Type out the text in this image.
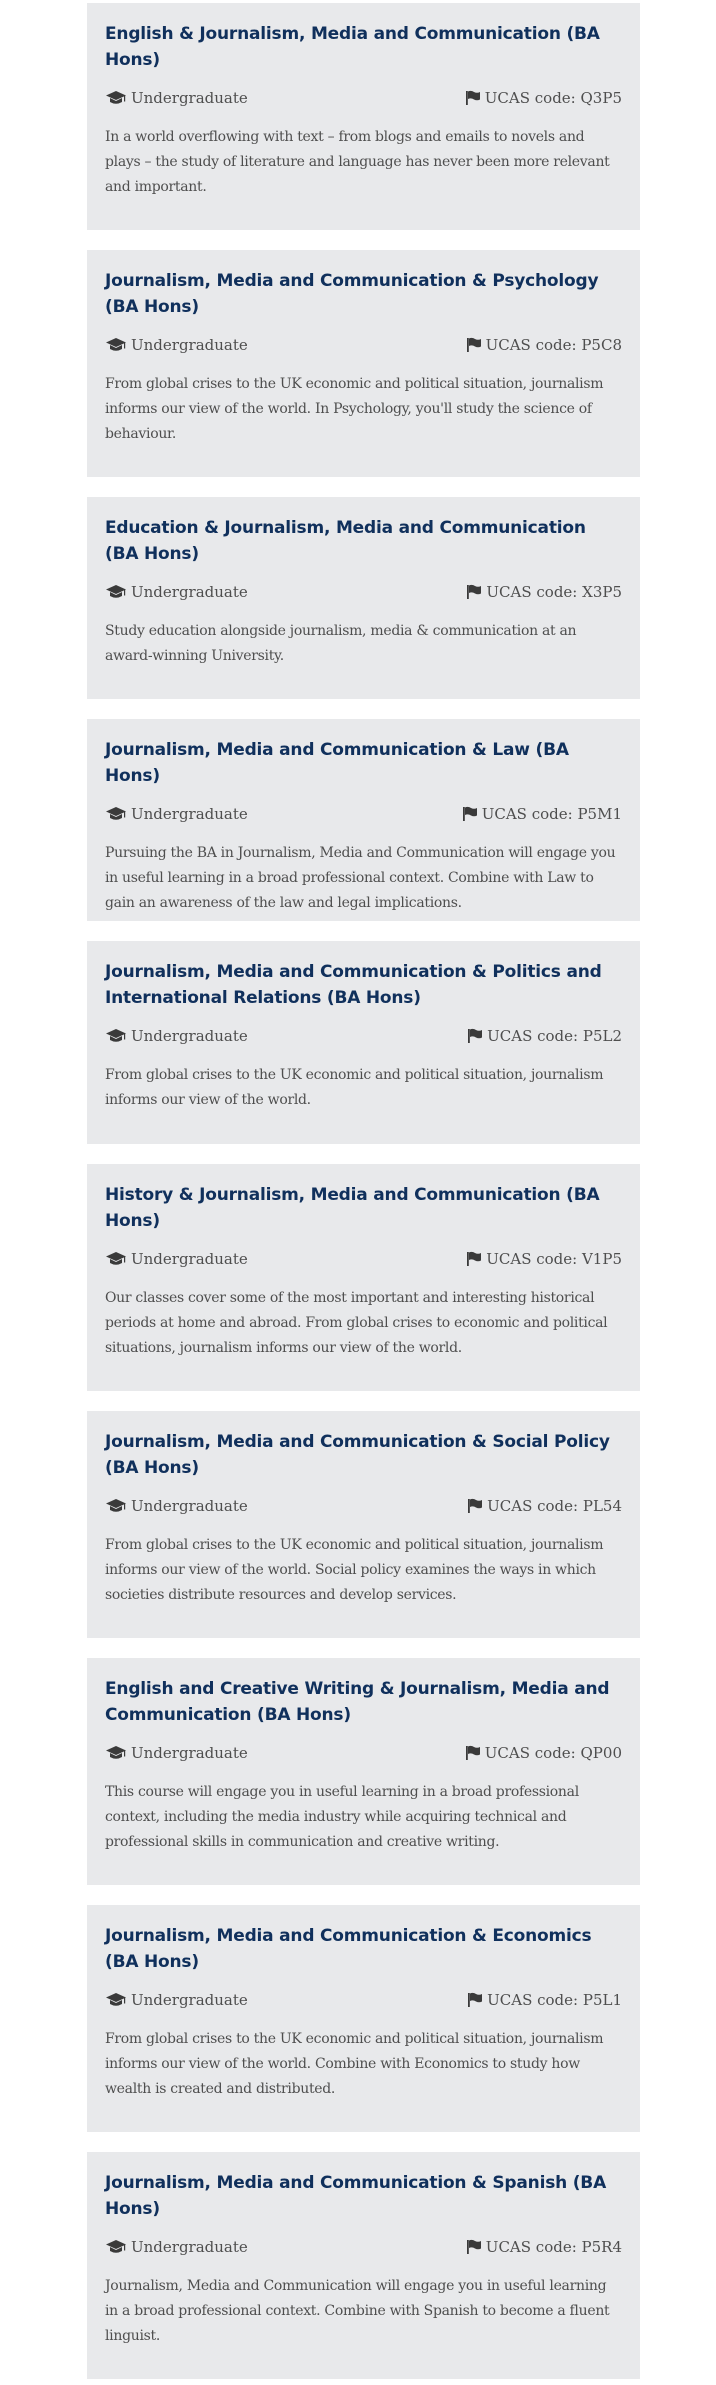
English & Journalism, Media and Communication (BA Hons)
Undergraduate	UCAS code: Q3P5

In a world overflowing with text – from blogs and emails to novels and plays – the study of literature and language has never been more relevant and important.

Journalism, Media and Communication & Psychology (BA Hons)
Undergraduate	UCAS code: P5C8

From global crises to the UK economic and political situation, journalism informs our view of the world. In Psychology, you'll study the science of behaviour.

Education & Journalism, Media and Communication (BA Hons)
Undergraduate	UCAS code: X3P5

Study education alongside journalism, media & communication at an award-winning University.

Journalism, Media and Communication & Law (BA Hons)
Undergraduate	UCAS code: P5M1

Pursuing the BA in Journalism, Media and Communication will engage you in useful learning in a broad professional context. Combine with Law to gain an awareness of the law and legal implications.

Journalism, Media and Communication & Politics and International Relations (BA Hons)
Undergraduate	UCAS code: P5L2

From global crises to the UK economic and political situation, journalism informs our view of the world.

History & Journalism, Media and Communication (BA Hons)
Undergraduate	UCAS code: V1P5

Our classes cover some of the most important and interesting historical periods at home and abroad. From global crises to economic and political situations, journalism informs our view of the world.

Journalism, Media and Communication & Social Policy (BA Hons)
Undergraduate	UCAS code: PL54

From global crises to the UK economic and political situation, journalism informs our view of the world. Social policy examines the ways in which societies distribute resources and develop services.

English and Creative Writing & Journalism, Media and Communication (BA Hons)
Undergraduate	UCAS code: QP00

This course will engage you in useful learning in a broad professional context, including the media industry while acquiring technical and professional skills in communication and creative writing.

Journalism, Media and Communication & Economics (BA Hons)
Undergraduate	UCAS code: P5L1

From global crises to the UK economic and political situation, journalism informs our view of the world. Combine with Economics to study how wealth is created and distributed.

Journalism, Media and Communication & Spanish (BA Hons)
Undergraduate	UCAS code: P5R4

Journalism, Media and Communication will engage you in useful learning in a broad professional context. Combine with Spanish to become a fluent linguist.
